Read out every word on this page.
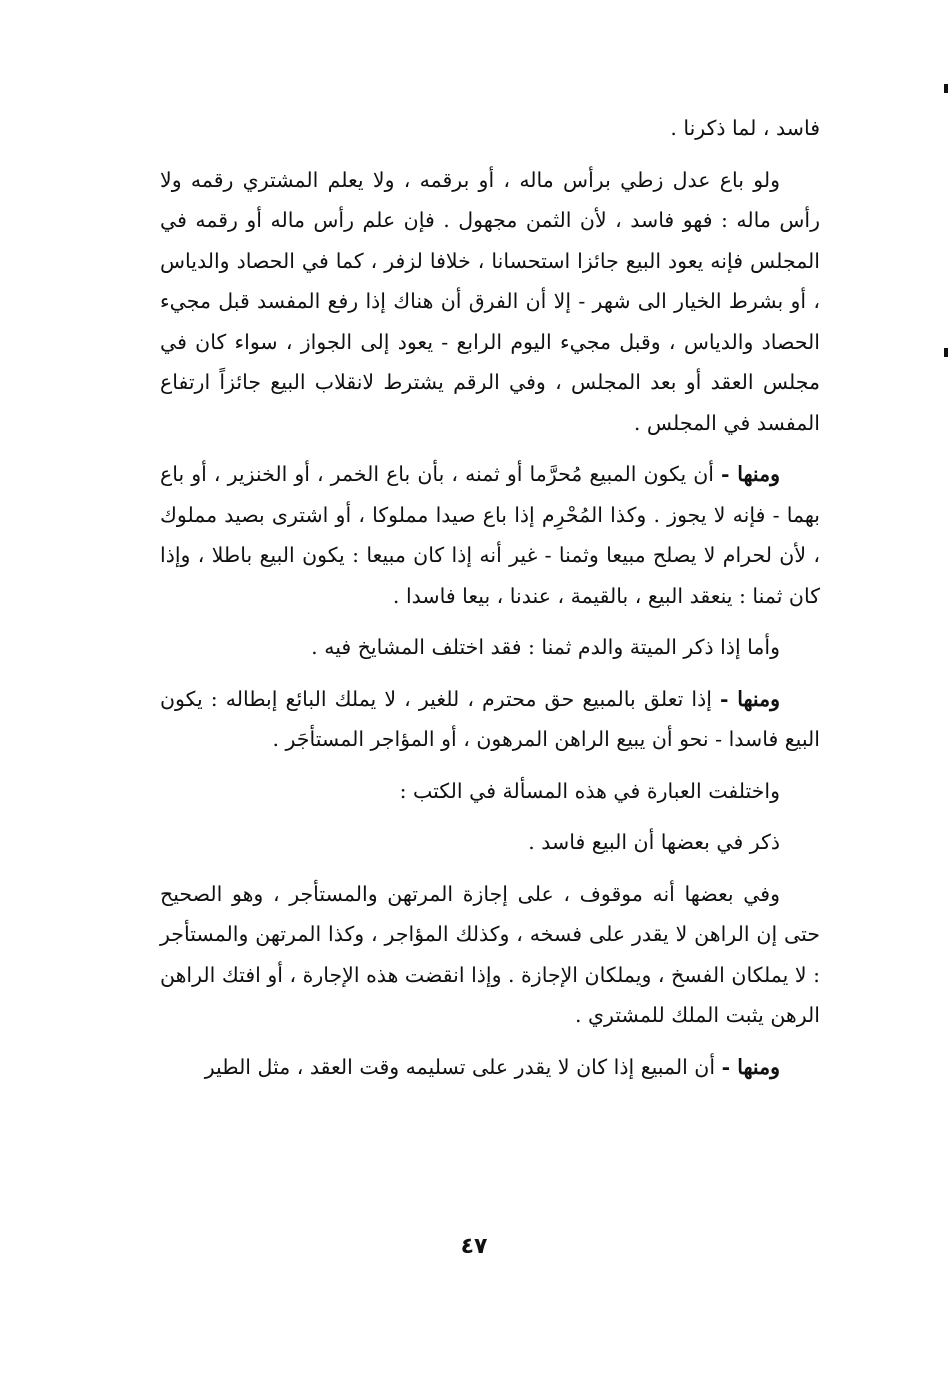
فاسد ، لما ذكرنا .

ولو باع عدل زطي برأس ماله ، أو برقمه ، ولا يعلم المشتري رقمه ولا رأس ماله : فهو فاسد ، لأن الثمن مجهول . فإن علم رأس ماله أو رقمه في المجلس فإنه يعود البيع جائزا استحسانا ، خلافا لزفر ، كما في الحصاد والدياس ، أو بشرط الخيار الى شهر - إلا أن الفرق أن هناك إذا رفع المفسد قبل مجيء الحصاد والدياس ، وقبل مجيء اليوم الرابع - يعود إلى الجواز ، سواء كان في مجلس العقد أو بعد المجلس ، وفي الرقم يشترط لانقلاب البيع جائزاً ارتفاع المفسد في المجلس .

ومنها - أن يكون المبيع مُحرَّما أو ثمنه ، بأن باع الخمر ، أو الخنزير ، أو باع بهما - فإنه لا يجوز . وكذا المُحْرِم إذا باع صيدا مملوكا ، أو اشترى بصيد مملوك ، لأن لحرام لا يصلح مبيعا وثمنا - غير أنه إذا كان مبيعا : يكون البيع باطلا ، وإذا كان ثمنا : ينعقد البيع ، بالقيمة ، عندنا ، بيعا فاسدا .

وأما إذا ذكر الميتة والدم ثمنا : فقد اختلف المشايخ فيه .

ومنها - إذا تعلق بالمبيع حق محترم ، للغير ، لا يملك البائع إبطاله : يكون البيع فاسدا - نحو أن يبيع الراهن المرهون ، أو المؤاجر المستأجَر .

واختلفت العبارة في هذه المسألة في الكتب :

ذكر في بعضها أن البيع فاسد .

وفي بعضها أنه موقوف ، على إجازة المرتهن والمستأجر ، وهو الصحيح حتى إن الراهن لا يقدر على فسخه ، وكذلك المؤاجر ، وكذا المرتهن والمستأجر : لا يملكان الفسخ ، ويملكان الإجازة . وإذا انقضت هذه الإجارة ، أو افتك الراهن الرهن يثبت الملك للمشتري .

ومنها - أن المبيع إذا كان لا يقدر على تسليمه وقت العقد ، مثل الطير

٤٧
